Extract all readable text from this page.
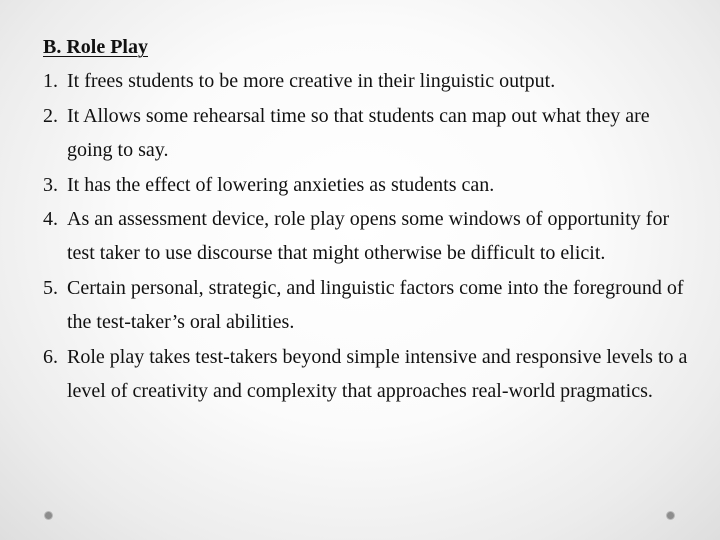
B. Role Play
1. It frees students to be more creative in their linguistic output.
2. It Allows some rehearsal time so that students can map out what they are going to say.
3. It has the effect of lowering anxieties as students can.
4. As an assessment device, role play opens some windows of opportunity for test taker to use discourse that might otherwise be difficult to elicit.
5. Certain personal, strategic, and linguistic factors come into the foreground of the test-taker’s oral abilities.
6. Role play takes test-takers beyond simple intensive and responsive levels to a level of creativity and complexity that approaches real-world pragmatics.
